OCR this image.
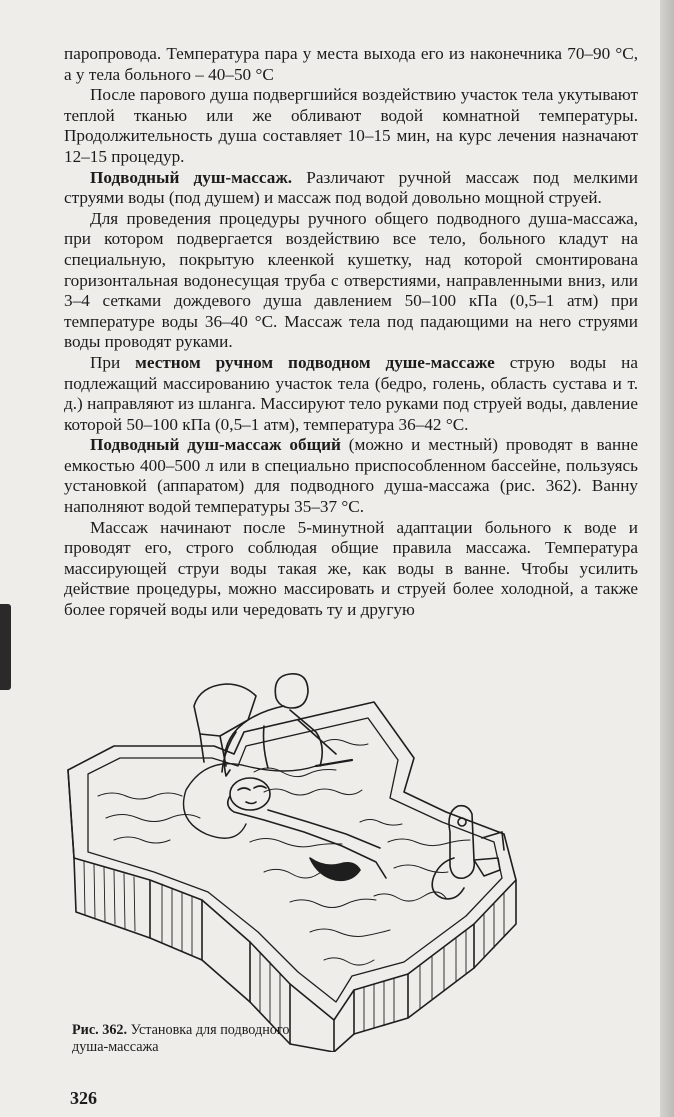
паропровода. Температура пара у места выхода его из наконечника 70–90 °С, а у тела больного – 40–50 °С

После парового душа подвергшийся воздействию участок тела укутывают теплой тканью или же обливают водой комнатной температуры. Продолжительность душа составляет 10–15 мин, на курс лечения назначают 12–15 процедур.

Подводный душ-массаж. Различают ручной массаж под мелкими струями воды (под душем) и массаж под водой довольно мощной струей.

Для проведения процедуры ручного общего подводного душа-массажа, при котором подвергается воздействию все тело, больного кладут на специальную, покрытую клеенкой кушетку, над которой смонтирована горизонтальная водонесущая труба с отверстиями, направленными вниз, или 3–4 сетками дождевого душа давлением 50–100 кПа (0,5–1 атм) при температуре воды 36–40 °С. Массаж тела под падающими на него струями воды проводят руками.

При местном ручном подводном душе-массаже струю воды на подлежащий массированию участок тела (бедро, голень, область сустава и т. д.) направляют из шланга. Массируют тело руками под струей воды, давление которой 50–100 кПа (0,5–1 атм), температура 36–42 °С.

Подводный душ-массаж общий (можно и местный) проводят в ванне емкостью 400–500 л или в специально приспособленном бассейне, пользуясь установкой (аппаратом) для подводного душа-массажа (рис. 362). Ванну наполняют водой температуры 35–37 °С.

Массаж начинают после 5-минутной адаптации больного к воде и проводят его, строго соблюдая общие правила массажа. Температура массирующей струи воды такая же, как воды в ванне. Чтобы усилить действие процедуры, можно массировать и струей более холодной, а также более горячей воды или чередовать ту и другую

Рис. 362. Установка для подводного душа-массажа
326
